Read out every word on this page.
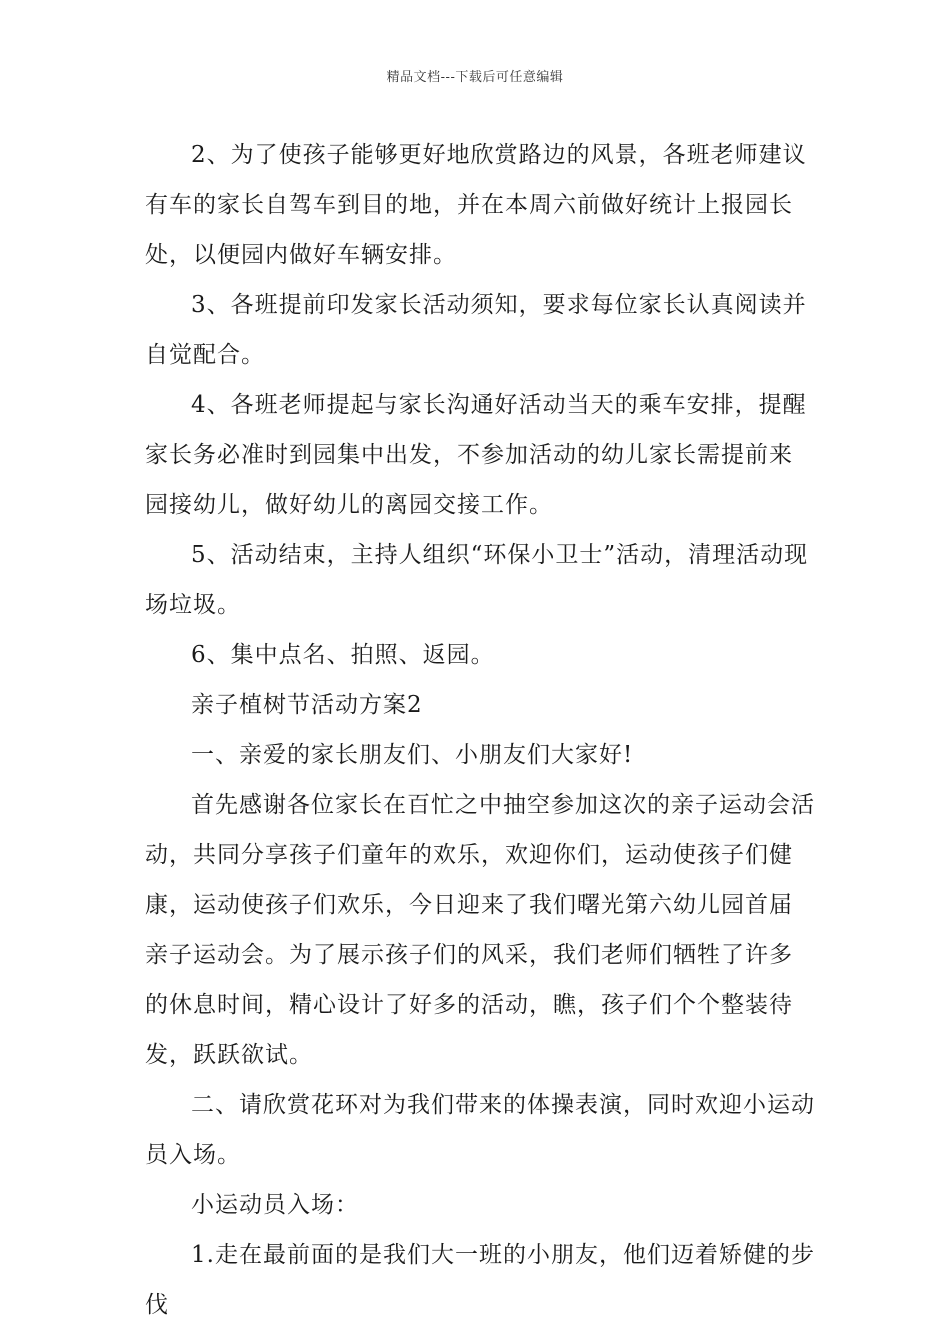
精品文档---下载后可任意编辑

2、为了使孩子能够更好地欣赏路边的风景，各班老师建议有车的家长自驾车到目的地，并在本周六前做好统计上报园长处，以便园内做好车辆安排。

3、各班提前印发家长活动须知，要求每位家长认真阅读并自觉配合。

4、各班老师提起与家长沟通好活动当天的乘车安排，提醒家长务必准时到园集中出发，不参加活动的幼儿家长需提前来园接幼儿，做好幼儿的离园交接工作。

5、活动结束，主持人组织“环保小卫士”活动，清理活动现场垃圾。

6、集中点名、拍照、返园。

亲子植树节活动方案2

一、亲爱的家长朋友们、小朋友们大家好!

首先感谢各位家长在百忙之中抽空参加这次的亲子运动会活动，共同分享孩子们童年的欢乐，欢迎你们，运动使孩子们健康，运动使孩子们欢乐，今日迎来了我们曙光第六幼儿园首届亲子运动会。为了展示孩子们的风采，我们老师们牺牲了许多的休息时间，精心设计了好多的活动，瞧，孩子们个个整装待发，跃跃欲试。

二、请欣赏花环对为我们带来的体操表演，同时欢迎小运动员入场。

小运动员入场：

1.走在最前面的是我们大一班的小朋友，他们迈着矫健的步伐
